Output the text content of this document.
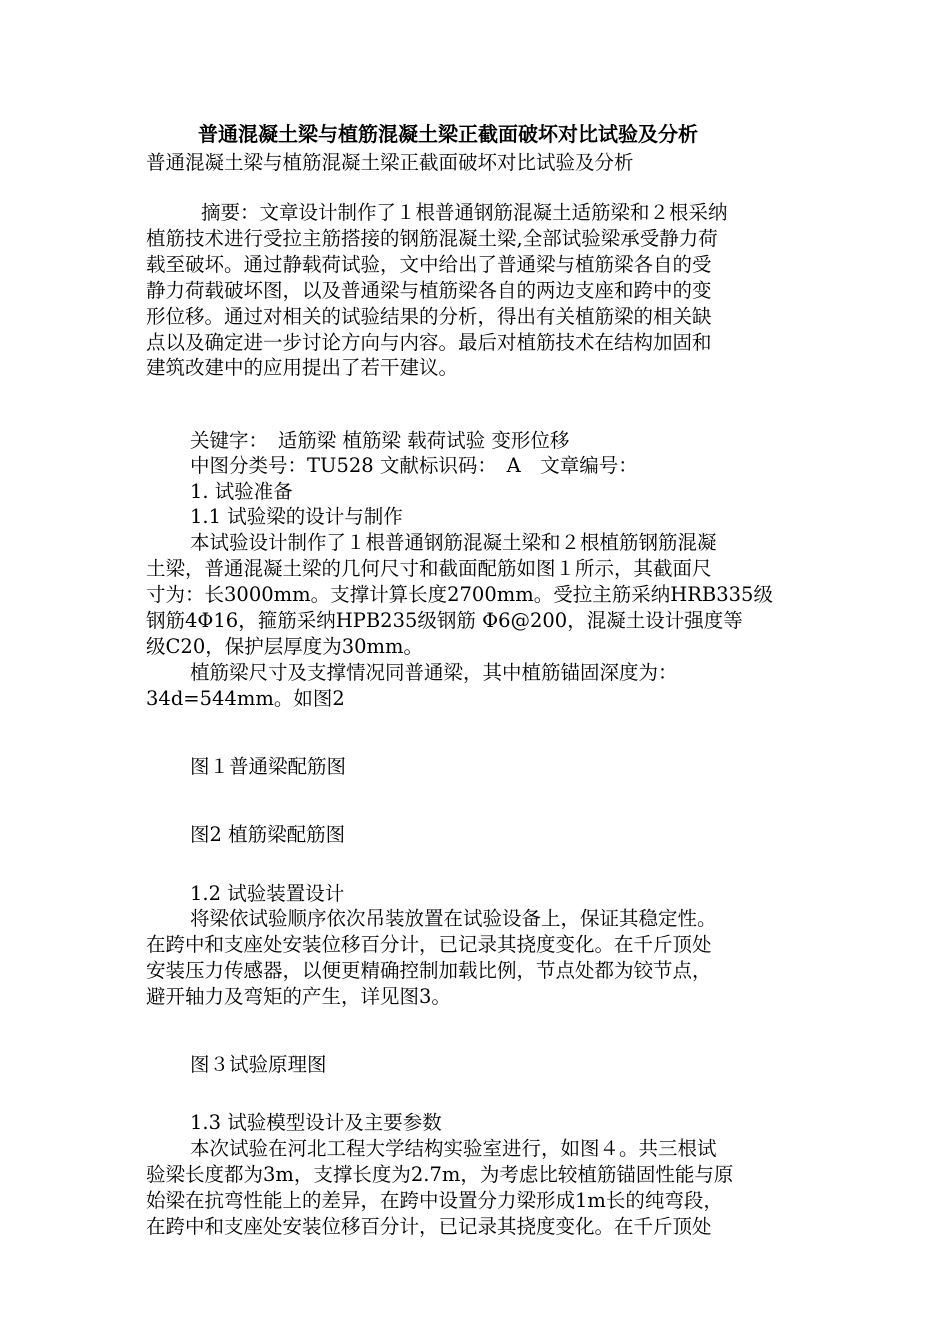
普通混凝土梁与植筋混凝土梁正截面破坏对比试验及分析
普通混凝土梁与植筋混凝土梁正截面破坏对比试验及分析
摘要：文章设计制作了１根普通钢筋混凝土适筋梁和２根采纳
植筋技术进行受拉主筋搭接的钢筋混凝土梁,全部试验梁承受静力荷
载至破坏。通过静载荷试验，文中给出了普通梁与植筋梁各自的受
静力荷载破坏图，以及普通梁与植筋梁各自的两边支座和跨中的变
形位移。通过对相关的试验结果的分析，得出有关植筋梁的相关缺
点以及确定进一步讨论方向与内容。最后对植筋技术在结构加固和
建筑改建中的应用提出了若干建议。
关键字：　适筋梁 植筋梁 载荷试验 变形位移
中图分类号：TU528 文献标识码：　A　文章编号：
1. 试验准备
1.1 试验梁的设计与制作
本试验设计制作了１根普通钢筋混凝土梁和２根植筋钢筋混凝
土梁，普通混凝土梁的几何尺寸和截面配筋如图１所示，其截面尺
寸为：长3000mm。支撑计算长度2700mm。受拉主筋采纳HRB335级
钢筋4Φ16，箍筋采纳HPB235级钢筋 Φ6@200，混凝土设计强度等
级C20，保护层厚度为30mm。
植筋梁尺寸及支撑情况同普通梁，其中植筋锚固深度为：
34d=544mm。如图2
图１普通梁配筋图
图2 植筋梁配筋图
1.2 试验装置设计
将梁依试验顺序依次吊装放置在试验设备上，保证其稳定性。
在跨中和支座处安装位移百分计，已记录其挠度变化。在千斤顶处
安装压力传感器，以便更精确控制加载比例，节点处都为铰节点，
避开轴力及弯矩的产生，详见图3。
图３试验原理图
1.3 试验模型设计及主要参数
本次试验在河北工程大学结构实验室进行，如图４。共三根试
验梁长度都为3m，支撑长度为2.7m，为考虑比较植筋锚固性能与原
始梁在抗弯性能上的差异，在跨中设置分力梁形成1m长的纯弯段，
在跨中和支座处安装位移百分计，已记录其挠度变化。在千斤顶处
